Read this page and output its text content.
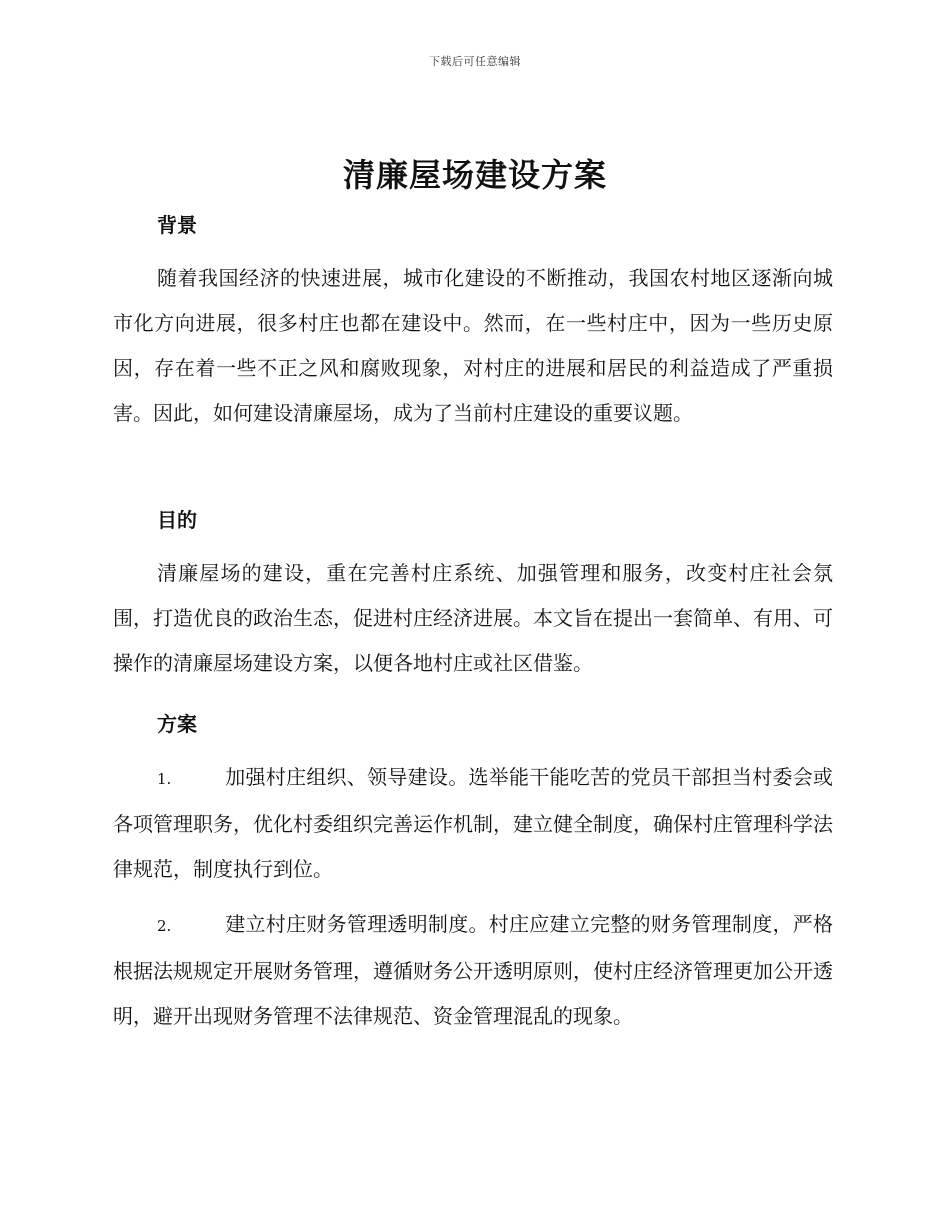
下载后可任意编辑
清廉屋场建设方案
背景

随着我国经济的快速进展，城市化建设的不断推动，我国农村地区逐渐向城市化方向进展，很多村庄也都在建设中。然而，在一些村庄中，因为一些历史原因，存在着一些不正之风和腐败现象，对村庄的进展和居民的利益造成了严重损害。因此，如何建设清廉屋场，成为了当前村庄建设的重要议题。

目的

清廉屋场的建设，重在完善村庄系统、加强管理和服务，改变村庄社会氛围，打造优良的政治生态，促进村庄经济进展。本文旨在提出一套简单、有用、可操作的清廉屋场建设方案，以便各地村庄或社区借鉴。

方案

1.	加强村庄组织、领导建设。选举能干能吃苦的党员干部担当村委会或各项管理职务，优化村委组织完善运作机制，建立健全制度，确保村庄管理科学法律规范，制度执行到位。

2.	建立村庄财务管理透明制度。村庄应建立完整的财务管理制度，严格根据法规规定开展财务管理，遵循财务公开透明原则，使村庄经济管理更加公开透明，避开出现财务管理不法律规范、资金管理混乱的现象。
